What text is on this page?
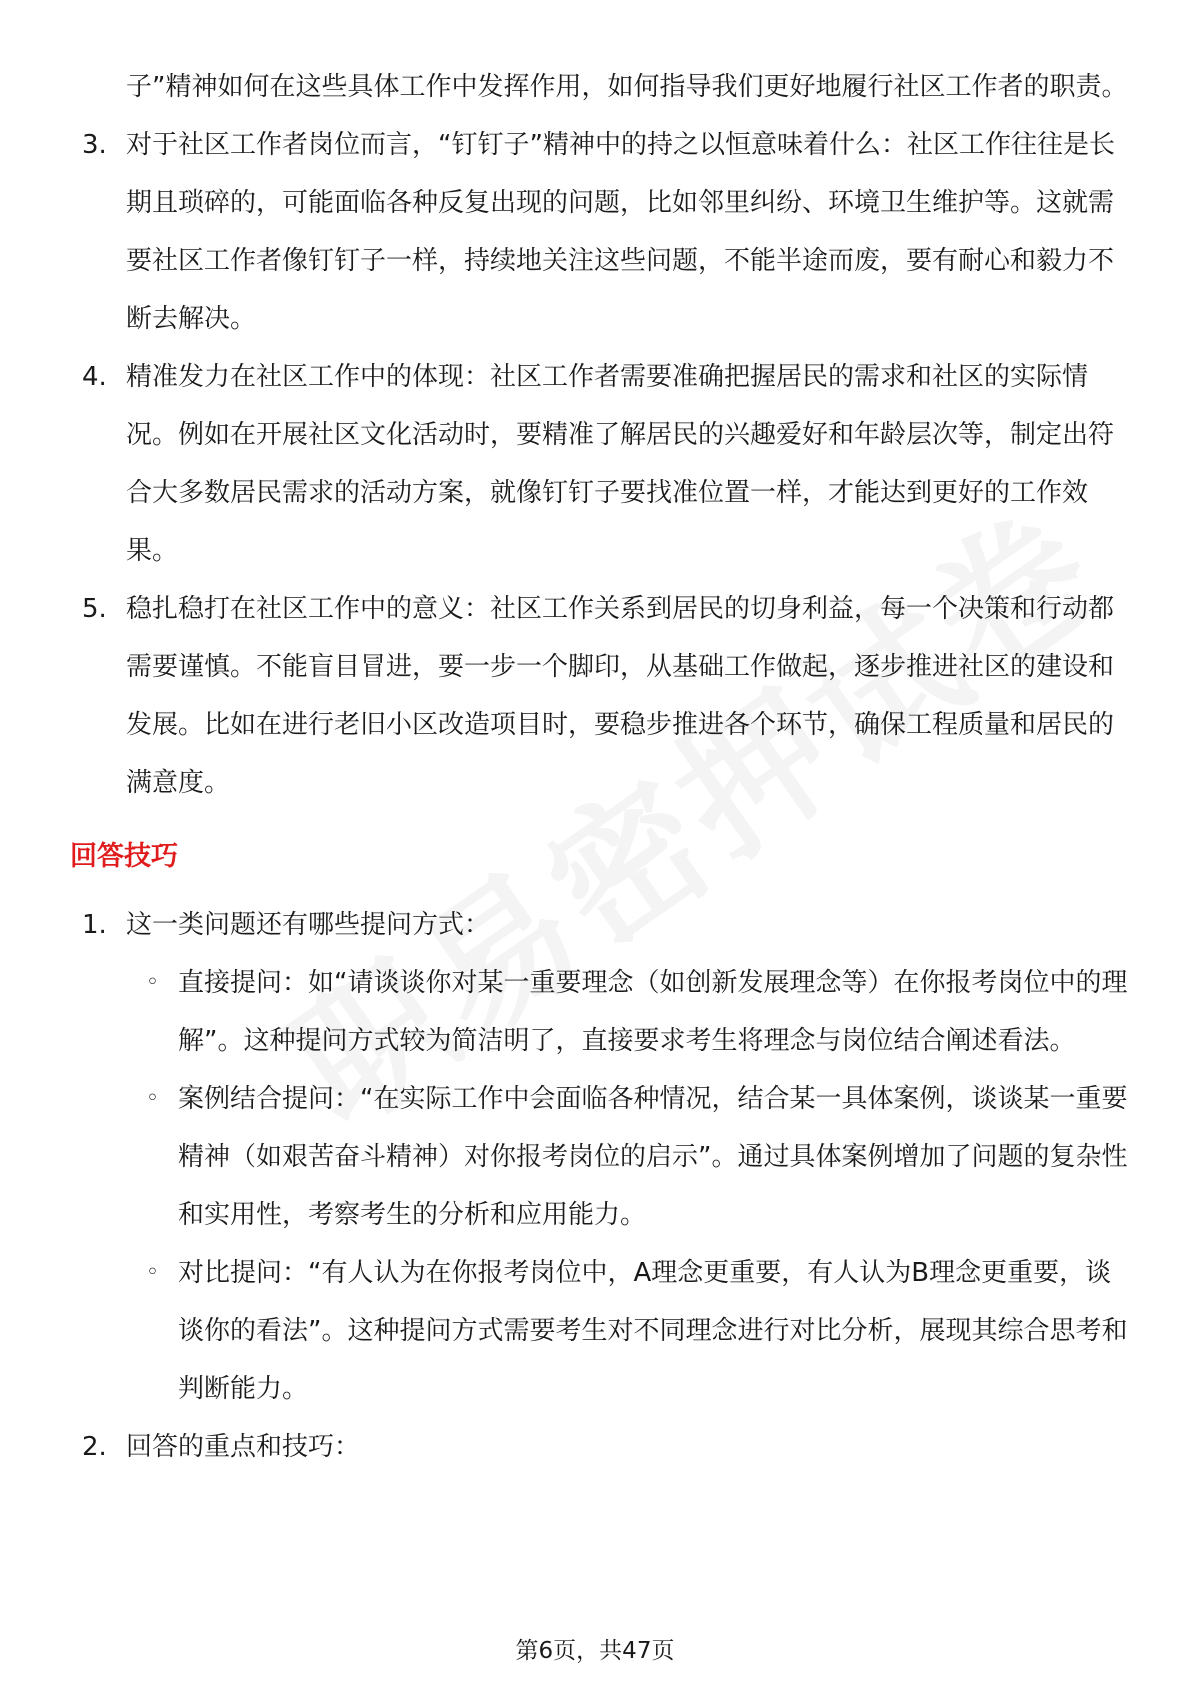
子”精神如何在这些具体工作中发挥作用，如何指导我们更好地履行社区工作者的职责。

3. 对于社区工作者岗位而言，“钉钉子”精神中的持之以恒意味着什么：社区工作往往是长期且琐碎的，可能面临各种反复出现的问题，比如邻里纠纷、环境卫生维护等。这就需要社区工作者像钉钉子一样，持续地关注这些问题，不能半途而废，要有耐心和毅力不断去解决。
4. 精准发力在社区工作中的体现：社区工作者需要准确把握居民的需求和社区的实际情况。例如在开展社区文化活动时，要精准了解居民的兴趣爱好和年龄层次等，制定出符合大多数居民需求的活动方案，就像钉钉子要找准位置一样，才能达到更好的工作效果。
5. 稳扎稳打在社区工作中的意义：社区工作关系到居民的切身利益，每一个决策和行动都需要谨慎。不能盲目冒进，要一步一个脚印，从基础工作做起，逐步推进社区的建设和发展。比如在进行老旧小区改造项目时，要稳步推进各个环节，确保工程质量和居民的满意度。
回答技巧
1. 这一类问题还有哪些提问方式：
◦ 直接提问：如“请谈谈你对某一重要理念（如创新发展理念等）在你报考岗位中的理解”。这种提问方式较为简洁明了，直接要求考生将理念与岗位结合阐述看法。
◦ 案例结合提问：“在实际工作中会面临各种情况，结合某一具体案例，谈谈某一重要精神（如艰苦奋斗精神）对你报考岗位的启示”。通过具体案例增加了问题的复杂性和实用性，考察考生的分析和应用能力。
◦ 对比提问：“有人认为在你报考岗位中，A理念更重要，有人认为B理念更重要，谈谈你的看法”。这种提问方式需要考生对不同理念进行对比分析，展现其综合思考和判断能力。
2. 回答的重点和技巧：
第6页，共47页
